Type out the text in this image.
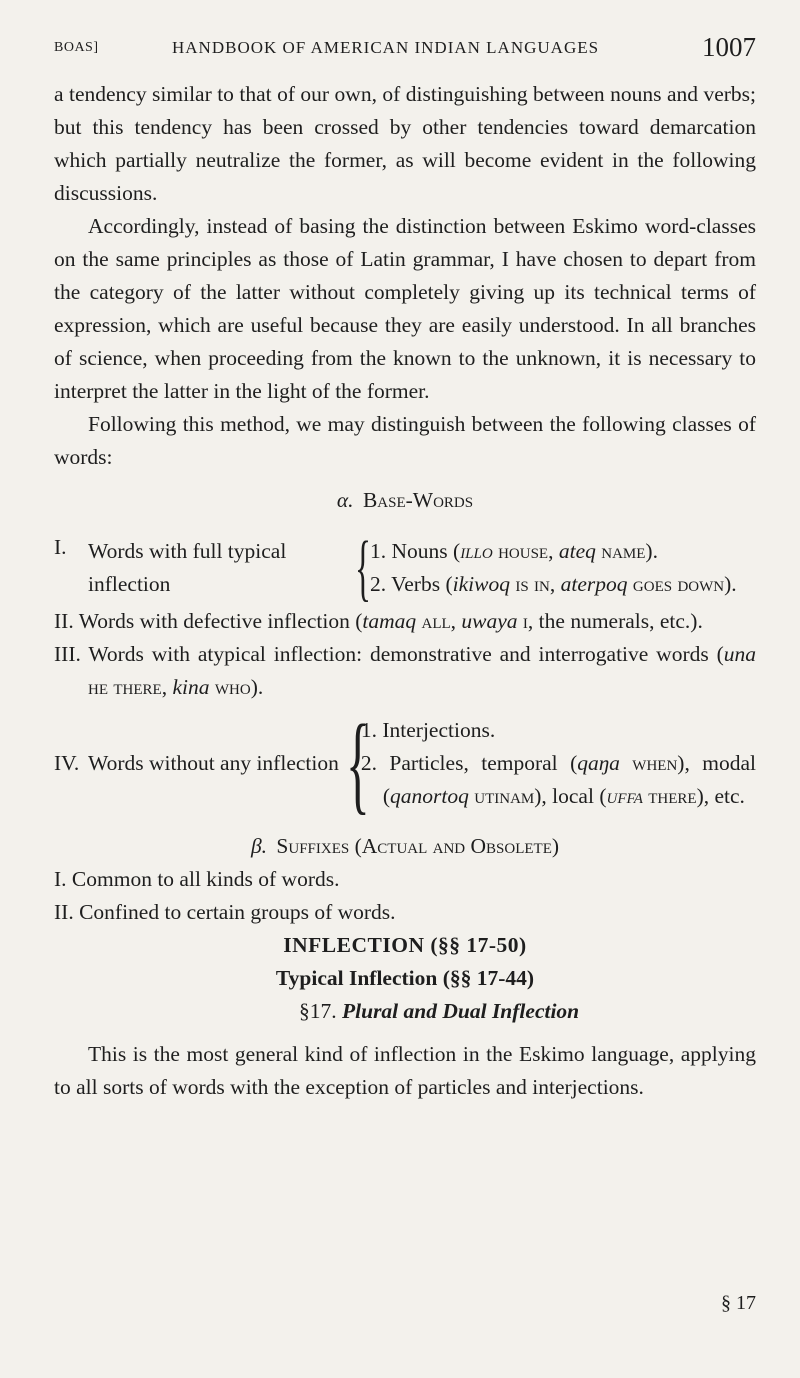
BOAS]	HANDBOOK OF AMERICAN INDIAN LANGUAGES	1007

a tendency similar to that of our own, of distinguishing between nouns and verbs; but this tendency has been crossed by other tendencies toward demarcation which partially neutralize the former, as will become evident in the following discussions.

Accordingly, instead of basing the distinction between Eskimo word-classes on the same principles as those of Latin grammar, I have chosen to depart from the category of the latter without completely giving up its technical terms of expression, which are useful because they are easily understood. In all branches of science, when proceeding from the known to the unknown, it is necessary to interpret the latter in the light of the former.

Following this method, we may distinguish between the following classes of words:

α. Base-Words

I. Words with full typical inflection	{ 1. Nouns (illo house, ateq name).
2. Verbs (ikiwoq is in, aterpoq goes down).

II. Words with defective inflection (tamaq all, uwaya i, the numerals, etc.).

III. Words with atypical inflection: demonstrative and interrogative words (una he there, kina who).

IV. Words without any inflection {
1. Interjections.
2. Particles, temporal (qaŋa when), modal (qanortoq utinam), local (uffa there), etc.

β. Suffixes (Actual and Obsolete)

I. Common to all kinds of words.

II. Confined to certain groups of words.

INFLECTION (§§ 17-50)

Typical Inflection (§§ 17-44)

§17. Plural and Dual Inflection

This is the most general kind of inflection in the Eskimo language, applying to all sorts of words with the exception of particles and interjections.

§ 17
